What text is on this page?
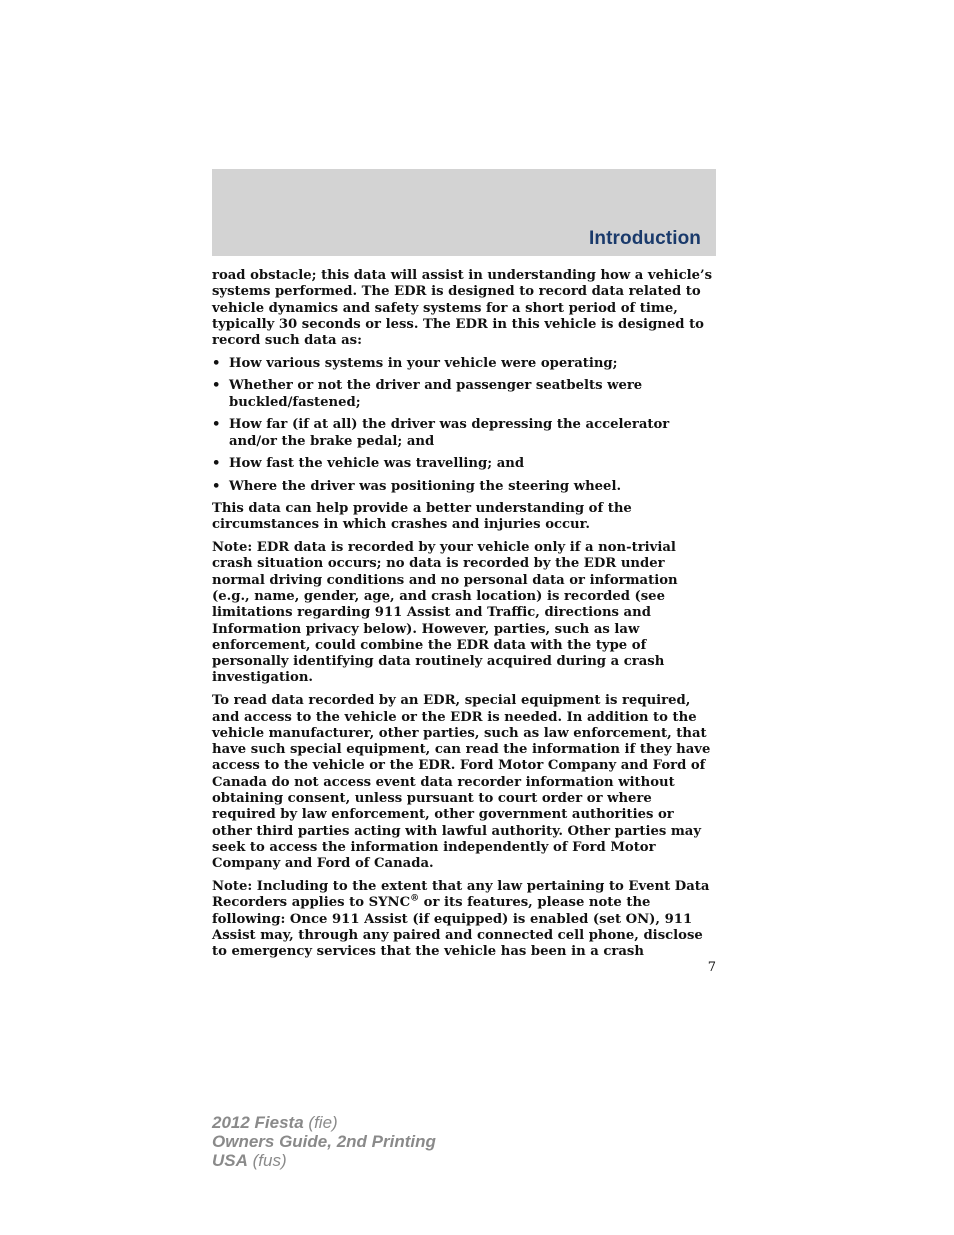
Introduction

road obstacle; this data will assist in understanding how a vehicle’s systems performed. The EDR is designed to record data related to vehicle dynamics and safety systems for a short period of time, typically 30 seconds or less. The EDR in this vehicle is designed to record such data as:

• How various systems in your vehicle were operating;
• Whether or not the driver and passenger seatbelts were buckled/fastened;
• How far (if at all) the driver was depressing the accelerator and/or the brake pedal; and
• How fast the vehicle was travelling; and
• Where the driver was positioning the steering wheel.

This data can help provide a better understanding of the circumstances in which crashes and injuries occur.

Note: EDR data is recorded by your vehicle only if a non-trivial crash situation occurs; no data is recorded by the EDR under normal driving conditions and no personal data or information (e.g., name, gender, age, and crash location) is recorded (see limitations regarding 911 Assist and Traffic, directions and Information privacy below). However, parties, such as law enforcement, could combine the EDR data with the type of personally identifying data routinely acquired during a crash investigation.

To read data recorded by an EDR, special equipment is required, and access to the vehicle or the EDR is needed. In addition to the vehicle manufacturer, other parties, such as law enforcement, that have such special equipment, can read the information if they have access to the vehicle or the EDR. Ford Motor Company and Ford of Canada do not access event data recorder information without obtaining consent, unless pursuant to court order or where required by law enforcement, other government authorities or other third parties acting with lawful authority. Other parties may seek to access the information independently of Ford Motor Company and Ford of Canada.

Note: Including to the extent that any law pertaining to Event Data Recorders applies to SYNC® or its features, please note the following: Once 911 Assist (if equipped) is enabled (set ON), 911 Assist may, through any paired and connected cell phone, disclose to emergency services that the vehicle has been in a crash

7
2012 Fiesta (fie)
Owners Guide, 2nd Printing
USA (fus)
